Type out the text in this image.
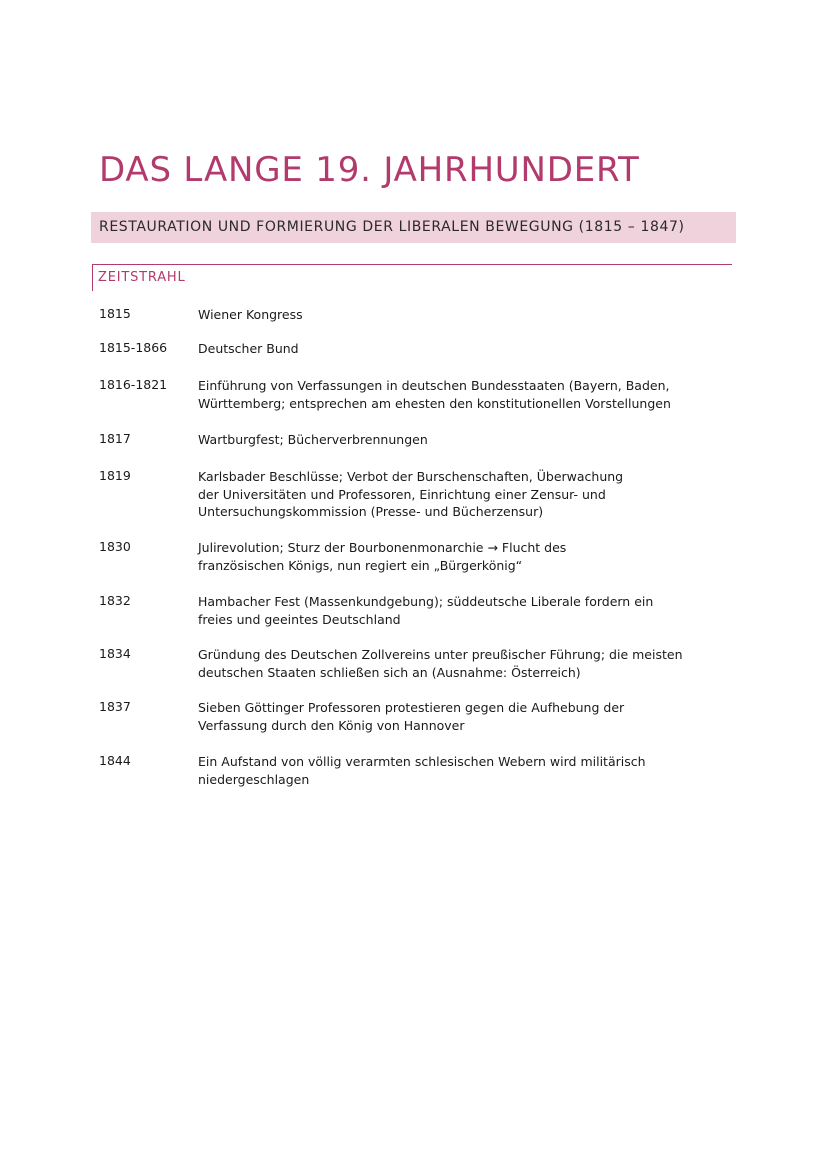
DAS LANGE 19. JAHRHUNDERT
RESTAURATION UND FORMIERUNG DER LIBERALEN BEWEGUNG (1815 – 1847)
ZEITSTRAHL
1815	Wiener Kongress
1815-1866 Deutscher Bund
1816-1821 Einführung von Verfassungen in deutschen Bundesstaaten (Bayern, Baden,
Württemberg; entsprechen am ehesten den konstitutionellen Vorstellungen
1817	Wartburgfest; Bücherverbrennungen
1819	Karlsbader Beschlüsse; Verbot der Burschenschaften, Überwachung
der Universitäten und Professoren, Einrichtung einer Zensur- und
Untersuchungskommission (Presse- und Bücherzensur)
1830	Julirevolution; Sturz der Bourbonenmonarchie → Flucht des
französischen Königs, nun regiert ein „Bürgerkönig“
1832	Hambacher Fest (Massenkundgebung); süddeutsche Liberale fordern ein
freies und geeintes Deutschland
1834	Gründung des Deutschen Zollvereins unter preußischer Führung; die meisten
deutschen Staaten schließen sich an (Ausnahme: Österreich)
1837	Sieben Göttinger Professoren protestieren gegen die Aufhebung der
Verfassung durch den König von Hannover
1844	Ein Aufstand von völlig verarmten schlesischen Webern wird militärisch
niedergeschlagen
